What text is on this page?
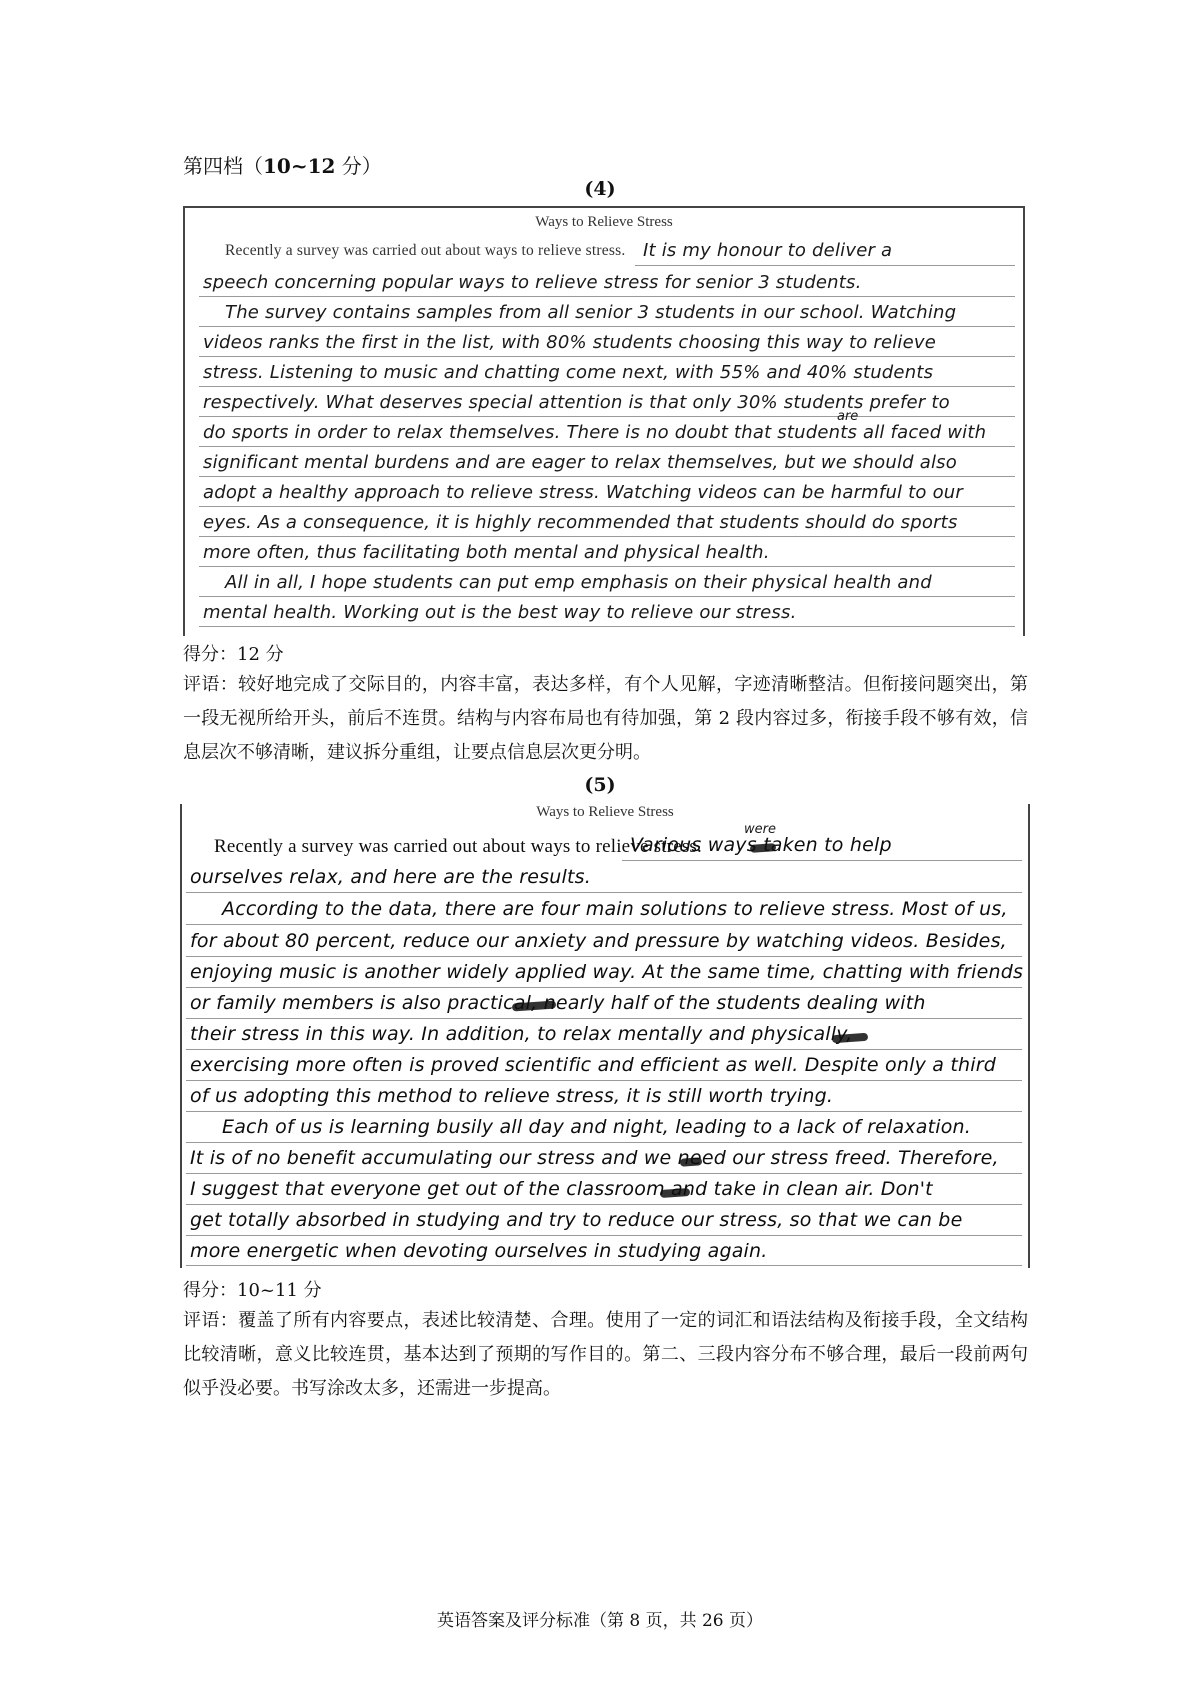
第四档（10~12 分）
(4)
Ways to Relieve Stress
Recently a survey was carried out about ways to relieve stress. It is my honour to deliver a
speech concerning popular ways to relieve stress for senior 3 students.
The survey contains samples from all senior 3 students in our school. Watching
videos ranks the first in the list, with 80% students choosing this way to relieve
stress. Listening to music and chatting come next, with 55% and 40% students
respectively. What deserves special attention is that only 30% students prefer to
are
do sports in order to relax themselves. There is no doubt that students all faced with
significant mental burdens and are eager to relax themselves, but we should also
adopt a healthy approach to relieve stress. Watching videos can be harmful to our
eyes. As a consequence, it is highly recommended that students should do sports
more often, thus facilitating both mental and physical health.
All in all, I hope students can put emp emphasis on their physical health and
mental health. Working out is the best way to relieve our stress.
得分：12 分
评语：较好地完成了交际目的，内容丰富，表达多样，有个人见解，字迹清晰整洁。但衔接问题突出，第一段无视所给开头，前后不连贯。结构与内容布局也有待加强，第 2 段内容过多，衔接手段不够有效，信息层次不够清晰，建议拆分重组，让要点信息层次更分明。
(5)
Ways to Relieve Stress
Recently a survey was carried out about ways to relieve stress.
were
Various ways taken to help
ourselves relax, and here are the results.
According to the data, there are four main solutions to relieve stress. Most of us,
for about 80 percent, reduce our anxiety and pressure by watching videos. Besides,
enjoying music is another widely applied way. At the same time, chatting with friends
or family members is also practical, nearly half of the students dealing with
their stress in this way. In addition, to relax mentally and physically,
exercising more often is proved scientific and efficient as well. Despite only a third
of us adopting this method to relieve stress, it is still worth trying.
Each of us is learning busily all day and night, leading to a lack of relaxation.
It is of no benefit accumulating our stress and we need our stress freed. Therefore,
I suggest that everyone get out of the classroom and take in clean air. Don't
get totally absorbed in studying and try to reduce our stress, so that we can be
more energetic when devoting ourselves in studying again.
得分：10~11 分
评语：覆盖了所有内容要点，表述比较清楚、合理。使用了一定的词汇和语法结构及衔接手段，全文结构比较清晰，意义比较连贯，基本达到了预期的写作目的。第二、三段内容分布不够合理，最后一段前两句似乎没必要。书写涂改太多，还需进一步提高。
英语答案及评分标准（第 8 页，共 26 页）
